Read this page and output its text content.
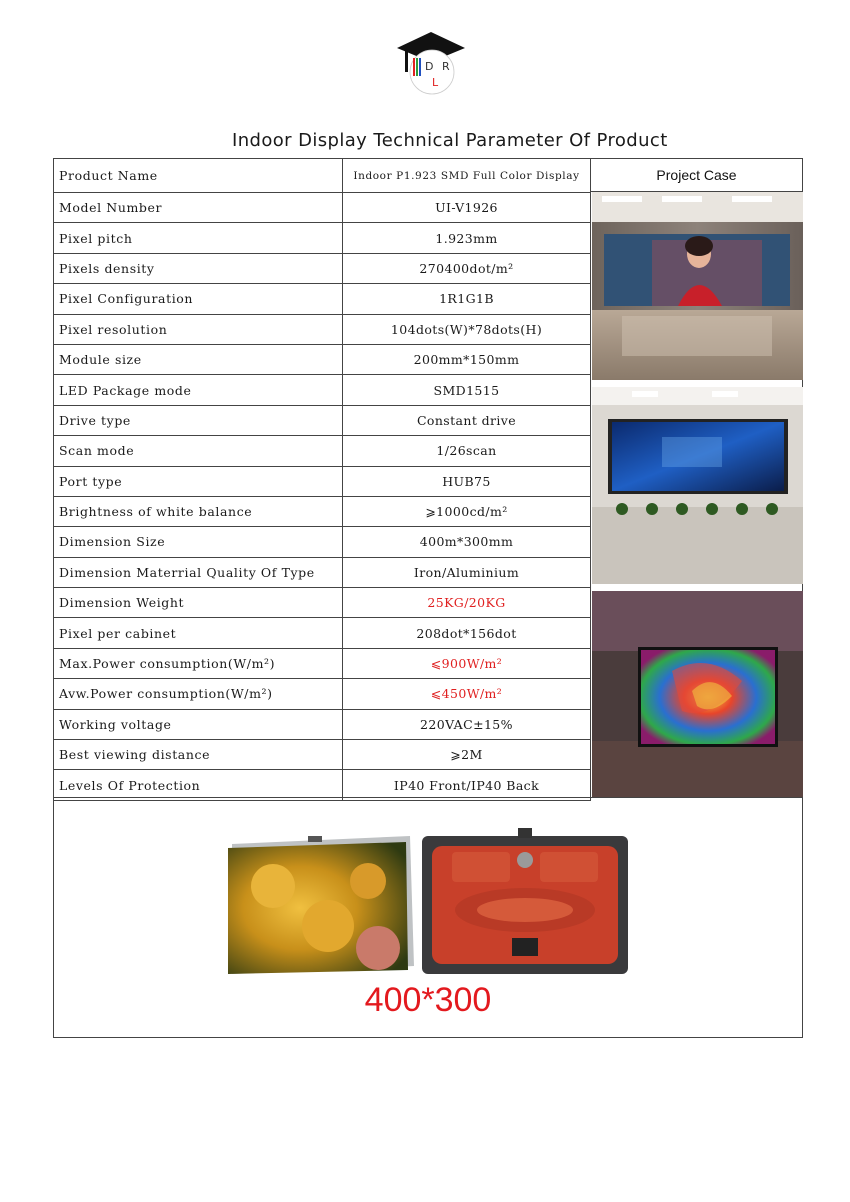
D R
L
Indoor Display Technical Parameter Of Product
Product Name	Indoor P1.923 SMD Full Color Display
Model Number	UI-V1926
Pixel pitch	1.923mm
Pixels density	270400dot/m²
Pixel Configuration	1R1G1B
Pixel resolution	104dots(W)*78dots(H)
Module size	200mm*150mm
LED Package mode	SMD1515
Drive type	Constant drive
Scan mode	1/26scan
Port type	HUB75
Brightness of white balance	⩾1000cd/m²
Dimension Size	400m*300mm
Dimension Materrial Quality Of Type	Iron/Aluminium
Dimension Weight	25KG/20KG
Pixel per cabinet	208dot*156dot
Max.Power consumption(W/m²)	⩽900W/m²
Avw.Power consumption(W/m²)	⩽450W/m²
Working voltage	220VAC±15%
Best viewing distance	⩾2M
Levels Of Protection	IP40 Front/IP40 Back
Project Case
400*300
